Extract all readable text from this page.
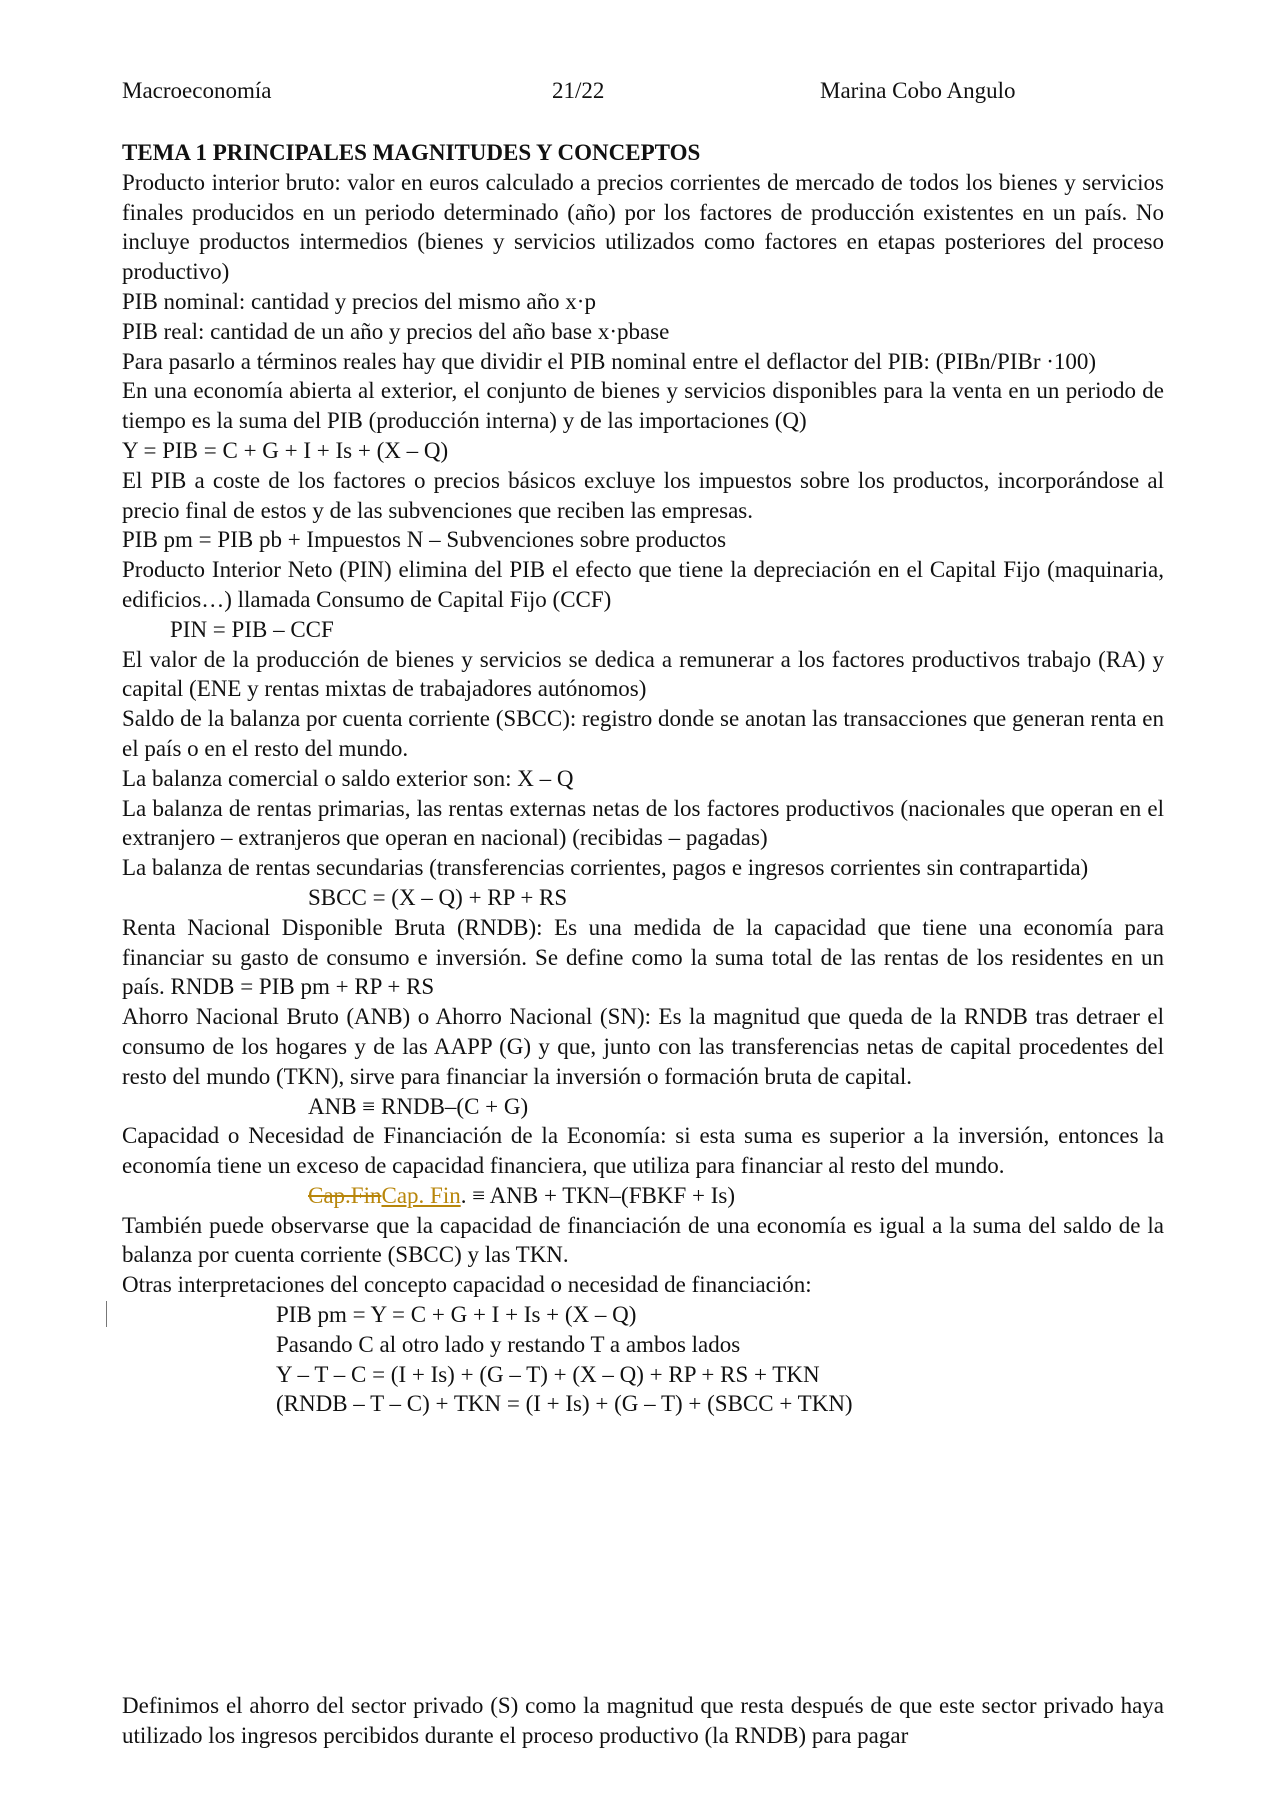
Macroeconomía	21/22	Marina Cobo Angulo

TEMA 1 PRINCIPALES MAGNITUDES Y CONCEPTOS

Producto interior bruto: valor en euros calculado a precios corrientes de mercado de todos los bienes y servicios finales producidos en un periodo determinado (año) por los factores de producción existentes en un país. No incluye productos intermedios (bienes y servicios utilizados como factores en etapas posteriores del proceso productivo)

PIB nominal: cantidad y precios del mismo año x·p

PIB real: cantidad de un año y precios del año base x·pbase

Para pasarlo a términos reales hay que dividir el PIB nominal entre el deflactor del PIB: (PIBn/PIBr ·100)

En una economía abierta al exterior, el conjunto de bienes y servicios disponibles para la venta en un periodo de tiempo es la suma del PIB (producción interna) y de las importaciones (Q)

Y = PIB = C + G + I + Is + (X – Q)

El PIB a coste de los factores o precios básicos excluye los impuestos sobre los productos, incorporándose al precio final de estos y de las subvenciones que reciben las empresas.

PIB pm = PIB pb + Impuestos N – Subvenciones sobre productos

Producto Interior Neto (PIN) elimina del PIB el efecto que tiene la depreciación en el Capital Fijo (maquinaria, edificios…) llamada Consumo de Capital Fijo (CCF)

PIN = PIB – CCF

El valor de la producción de bienes y servicios se dedica a remunerar a los factores productivos trabajo (RA) y capital (ENE y rentas mixtas de trabajadores autónomos)

Saldo de la balanza por cuenta corriente (SBCC): registro donde se anotan las transacciones que generan renta en el país o en el resto del mundo.

La balanza comercial o saldo exterior son: X – Q

La balanza de rentas primarias, las rentas externas netas de los factores productivos (nacionales que operan en el extranjero – extranjeros que operan en nacional) (recibidas – pagadas)

La balanza de rentas secundarias (transferencias corrientes, pagos e ingresos corrientes sin contrapartida)

SBCC = (X – Q) + RP + RS

Renta Nacional Disponible Bruta (RNDB): Es una medida de la capacidad que tiene una economía para financiar su gasto de consumo e inversión. Se define como la suma total de las rentas de los residentes en un país. RNDB = PIB pm + RP + RS

Ahorro Nacional Bruto (ANB) o Ahorro Nacional (SN): Es la magnitud que queda de la RNDB tras detraer el consumo de los hogares y de las AAPP (G) y que, junto con las transferencias netas de capital procedentes del resto del mundo (TKN), sirve para financiar la inversión o formación bruta de capital.

ANB ≡ RNDB–(C + G)

Capacidad o Necesidad de Financiación de la Economía: si esta suma es superior a la inversión, entonces la economía tiene un exceso de capacidad financiera, que utiliza para financiar al resto del mundo.

Cap.FinCap. Fin. ≡ ANB + TKN–(FBKF + Is)

También puede observarse que la capacidad de financiación de una economía es igual a la suma del saldo de la balanza por cuenta corriente (SBCC) y las TKN.

Otras interpretaciones del concepto capacidad o necesidad de financiación:

PIB pm = Y = C + G + I + Is + (X – Q)

Pasando C al otro lado y restando T a ambos lados

Y – T – C = (I + Is) + (G – T) + (X – Q) + RP + RS + TKN

(RNDB – T – C) + TKN = (I + Is) + (G – T) + (SBCC + TKN)

Definimos el ahorro del sector privado (S) como la magnitud que resta después de que este sector privado haya utilizado los ingresos percibidos durante el proceso productivo (la RNDB) para pagar
